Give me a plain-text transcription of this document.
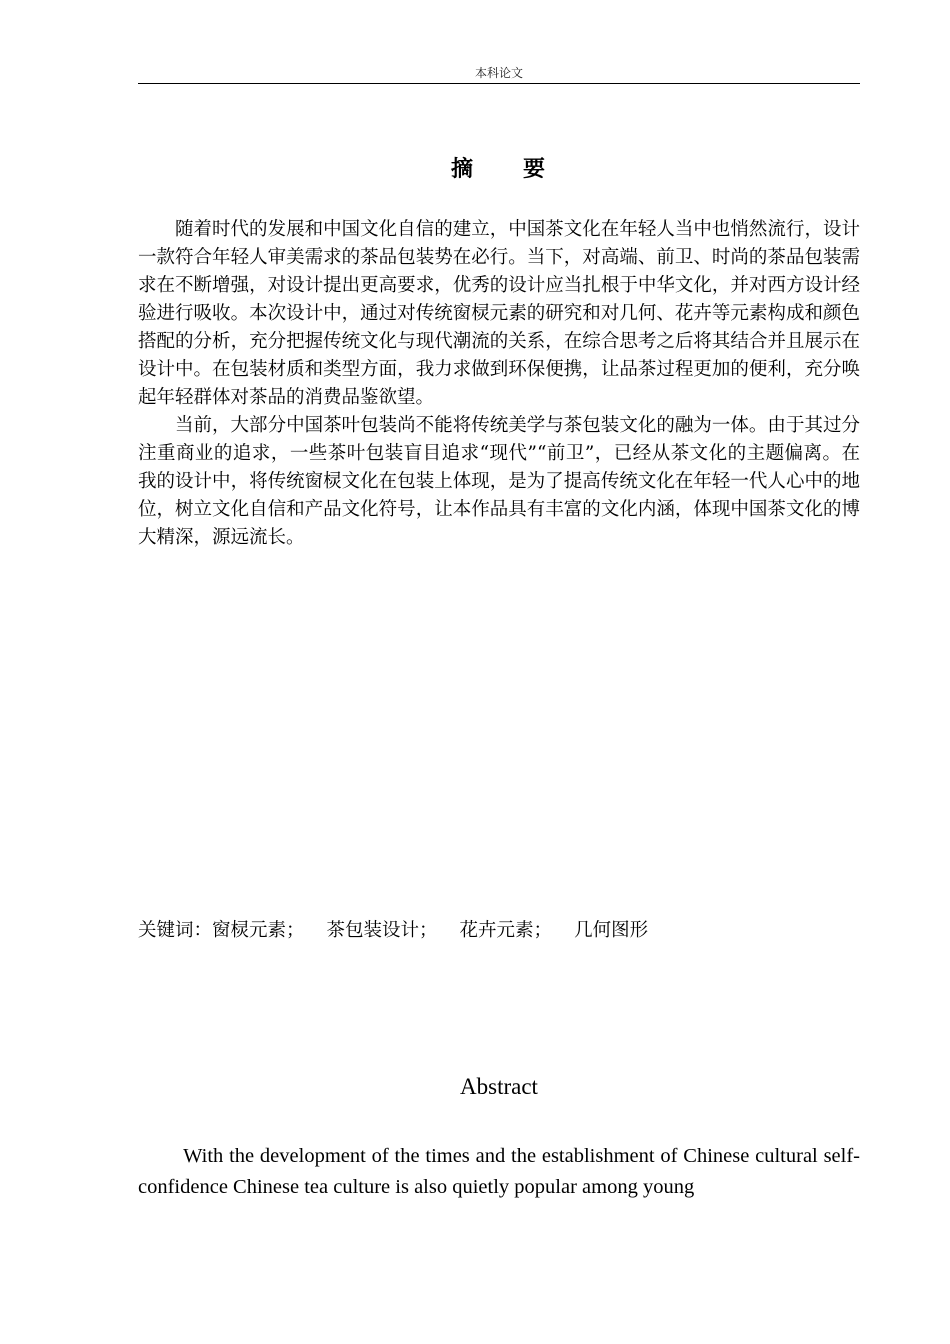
本科论文
摘 要

随着时代的发展和中国文化自信的建立，中国茶文化在年轻人当中也悄然流行，设计一款符合年轻人审美需求的茶品包装势在必行。当下，对高端、前卫、时尚的茶品包装需求在不断增强，对设计提出更高要求，优秀的设计应当扎根于中华文化，并对西方设计经验进行吸收。本次设计中，通过对传统窗棂元素的研究和对几何、花卉等元素构成和颜色搭配的分析，充分把握传统文化与现代潮流的关系，在综合思考之后将其结合并且展示在设计中。在包装材质和类型方面，我力求做到环保便携，让品茶过程更加的便利，充分唤起年轻群体对茶品的消费品鉴欲望。

当前，大部分中国茶叶包装尚不能将传统美学与茶包装文化的融为一体。由于其过分注重商业的追求，一些茶叶包装盲目追求“现代”“前卫”，已经从茶文化的主题偏离。在我的设计中，将传统窗棂文化在包装上体现，是为了提高传统文化在年轻一代人心中的地位，树立文化自信和产品文化符号，让本作品具有丰富的文化内涵，体现中国茶文化的博大精深，源远流长。

关键词：窗棂元素； 茶包装设计； 花卉元素； 几何图形
Abstract

With the development of the times and the establishment of Chinese cultural self-confidence Chinese tea culture is also quietly popular among young
